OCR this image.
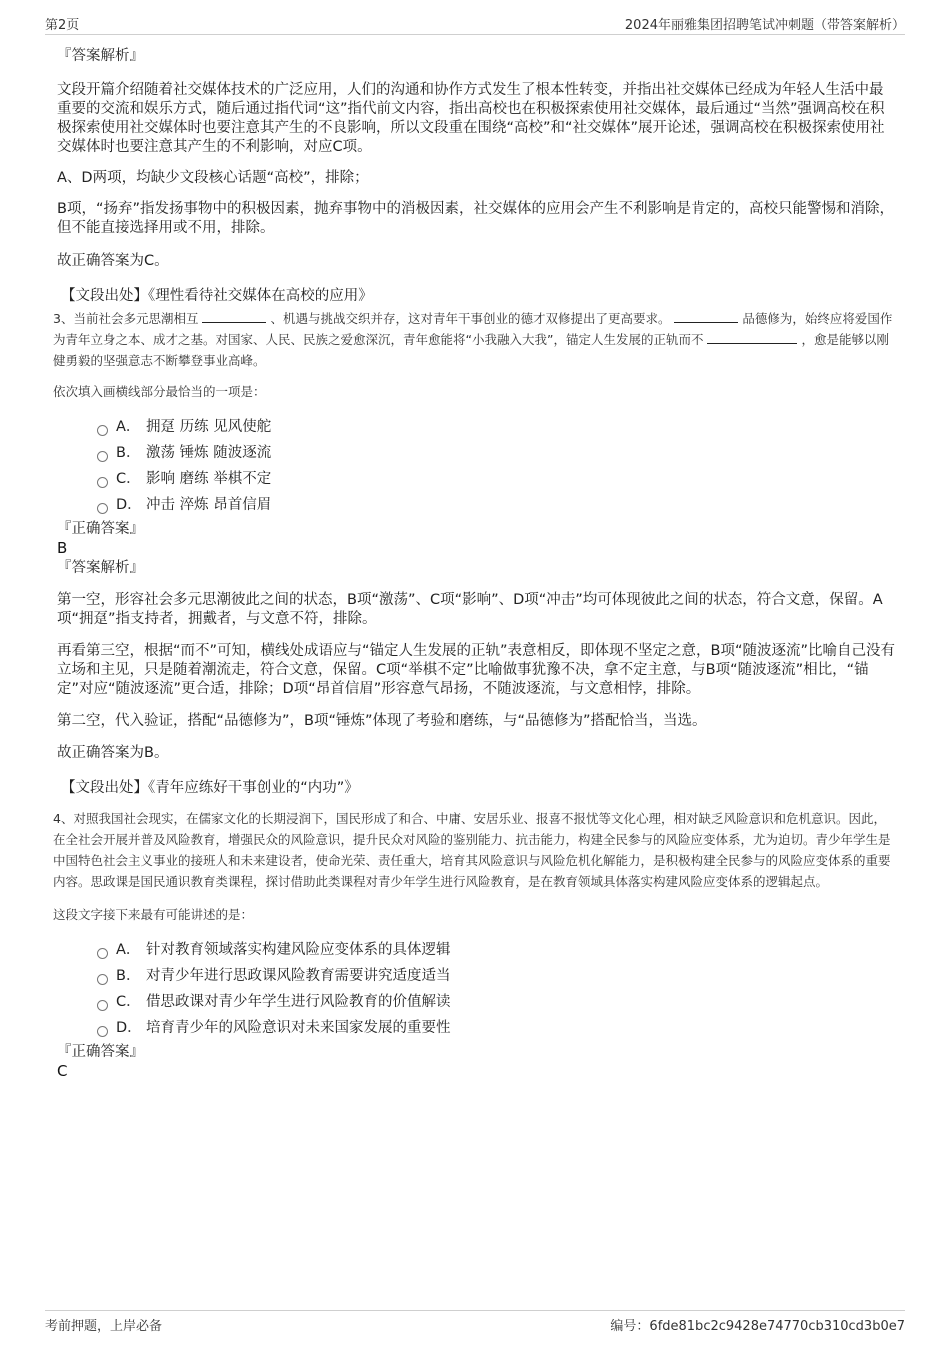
第2页	2024年丽雅集团招聘笔试冲刺题（带答案解析）
『答案解析』

文段开篇介绍随着社交媒体技术的广泛应用，人们的沟通和协作方式发生了根本性转变，并指出社交媒体已经成为年轻人生活中最重要的交流和娱乐方式，随后通过指代词“这”指代前文内容，指出高校也在积极探索使用社交媒体，最后通过“当然”强调高校在积极探索使用社交媒体时也要注意其产生的不良影响，所以文段重在围绕“高校”和“社交媒体”展开论述，强调高校在积极探索使用社交媒体时也要注意其产生的不利影响，对应C项。

A、D两项，均缺少文段核心话题“高校”，排除；

B项，“扬弃”指发扬事物中的积极因素，抛弃事物中的消极因素，社交媒体的应用会产生不利影响是肯定的，高校只能警惕和消除，但不能直接选择用或不用，排除。

故正确答案为C。

【文段出处】《理性看待社交媒体在高校的应用》

3、当前社会多元思潮相互	、机遇与挑战交织并存，这对青年干事创业的德才双修提出了更高要求。	品德修为，始终应将爱国作为青年立身之本、成才之基。对国家、人民、民族之爱愈深沉，青年愈能将“小我融入大我”，锚定人生发展的正轨而不	，愈是能够以刚健勇毅的坚强意志不断攀登事业高峰。

依次填入画横线部分最恰当的一项是：

A． 拥趸 历练 见风使舵
B． 激荡 锤炼 随波逐流
C． 影响 磨练 举棋不定
D． 冲击 淬炼 昂首信眉
『正确答案』
B
『答案解析』

第一空，形容社会多元思潮彼此之间的状态，B项“激荡”、C项“影响”、D项“冲击”均可体现彼此之间的状态，符合文意，保留。A项“拥趸”指支持者，拥戴者，与文意不符，排除。

再看第三空，根据“而不”可知，横线处成语应与“锚定人生发展的正轨”表意相反，即体现不坚定之意，B项“随波逐流”比喻自己没有立场和主见，只是随着潮流走，符合文意，保留。C项“举棋不定”比喻做事犹豫不决，拿不定主意，与B项“随波逐流”相比，“锚定”对应“随波逐流”更合适，排除；D项“昂首信眉”形容意气昂扬，不随波逐流，与文意相悖，排除。

第二空，代入验证，搭配“品德修为”，B项“锤炼”体现了考验和磨练，与“品德修为”搭配恰当，当选。

故正确答案为B。

【文段出处】《青年应练好干事创业的“内功”》

4、对照我国社会现实，在儒家文化的长期浸润下，国民形成了和合、中庸、安居乐业、报喜不报忧等文化心理，相对缺乏风险意识和危机意识。因此，在全社会开展并普及风险教育，增强民众的风险意识，提升民众对风险的鉴别能力、抗击能力，构建全民参与的风险应变体系，尤为迫切。青少年学生是中国特色社会主义事业的接班人和未来建设者，使命光荣、责任重大，培育其风险意识与风险危机化解能力，是积极构建全民参与的风险应变体系的重要内容。思政课是国民通识教育类课程，探讨借助此类课程对青少年学生进行风险教育，是在教育领域具体落实构建风险应变体系的逻辑起点。

这段文字接下来最有可能讲述的是：

A． 针对教育领域落实构建风险应变体系的具体逻辑
B． 对青少年进行思政课风险教育需要讲究适度适当
C． 借思政课对青少年学生进行风险教育的价值解读
D． 培育青少年的风险意识对未来国家发展的重要性
『正确答案』
C
考前押题，上岸必备	编号：6fde81bc2c9428e74770cb310cd3b0e7
